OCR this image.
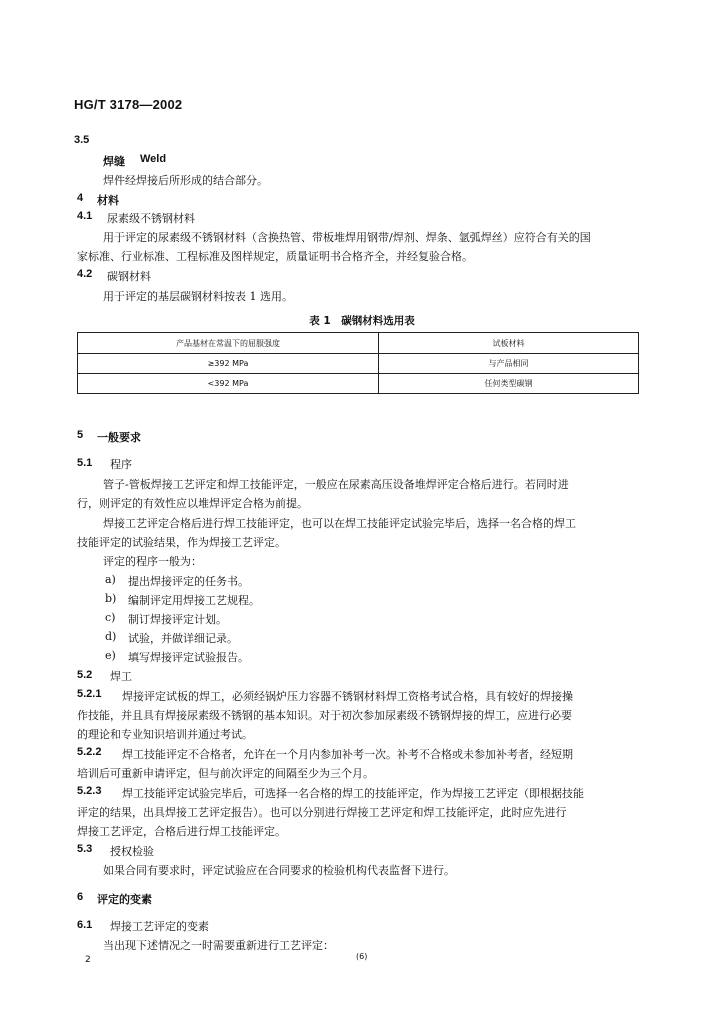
HG/T 3178—2002
3.5
焊缝 Weld
焊件经焊接后所形成的结合部分。
4 材料
4.1 尿素级不锈钢材料
用于评定的尿素级不锈钢材料（含换热管、带板堆焊用钢带/焊剂、焊条、氩弧焊丝）应符合有关的国
家标准、行业标准、工程标准及图样规定，质量证明书合格齐全，并经复验合格。
4.2 碳钢材料
用于评定的基层碳钢材料按表 1 选用。
表 1　碳钢材料选用表
产品基材在常温下的屈服强度	试板材料
≥392 MPa	与产品相同
<392 MPa	任何类型碳钢
5 一般要求
5.1 程序
管子-管板焊接工艺评定和焊工技能评定，一般应在尿素高压设备堆焊评定合格后进行。若同时进
行，则评定的有效性应以堆焊评定合格为前提。
焊接工艺评定合格后进行焊工技能评定，也可以在焊工技能评定试验完毕后，选择一名合格的焊工
技能评定的试验结果，作为焊接工艺评定。
评定的程序一般为：
a) 提出焊接评定的任务书。
b) 编制评定用焊接工艺规程。
c) 制订焊接评定计划。
d) 试验，并做详细记录。
e) 填写焊接评定试验报告。
5.2 焊工
5.2.1 焊接评定试板的焊工，必须经锅炉压力容器不锈钢材料焊工资格考试合格，具有较好的焊接操
作技能，并且具有焊接尿素级不锈钢的基本知识。对于初次参加尿素级不锈钢焊接的焊工，应进行必要
的理论和专业知识培训并通过考试。
5.2.2 焊工技能评定不合格者，允许在一个月内参加补考一次。补考不合格或未参加补考者，经短期
培训后可重新申请评定，但与前次评定的间隔至少为三个月。
5.2.3 焊工技能评定试验完毕后，可选择一名合格的焊工的技能评定，作为焊接工艺评定（即根据技能
评定的结果，出具焊接工艺评定报告）。也可以分别进行焊接工艺评定和焊工技能评定，此时应先进行
焊接工艺评定，合格后进行焊工技能评定。
5.3 授权检验
如果合同有要求时，评定试验应在合同要求的检验机构代表监督下进行。
6 评定的变素
6.1 焊接工艺评定的变素
当出现下述情况之一时需要重新进行工艺评定：
2	(6)
